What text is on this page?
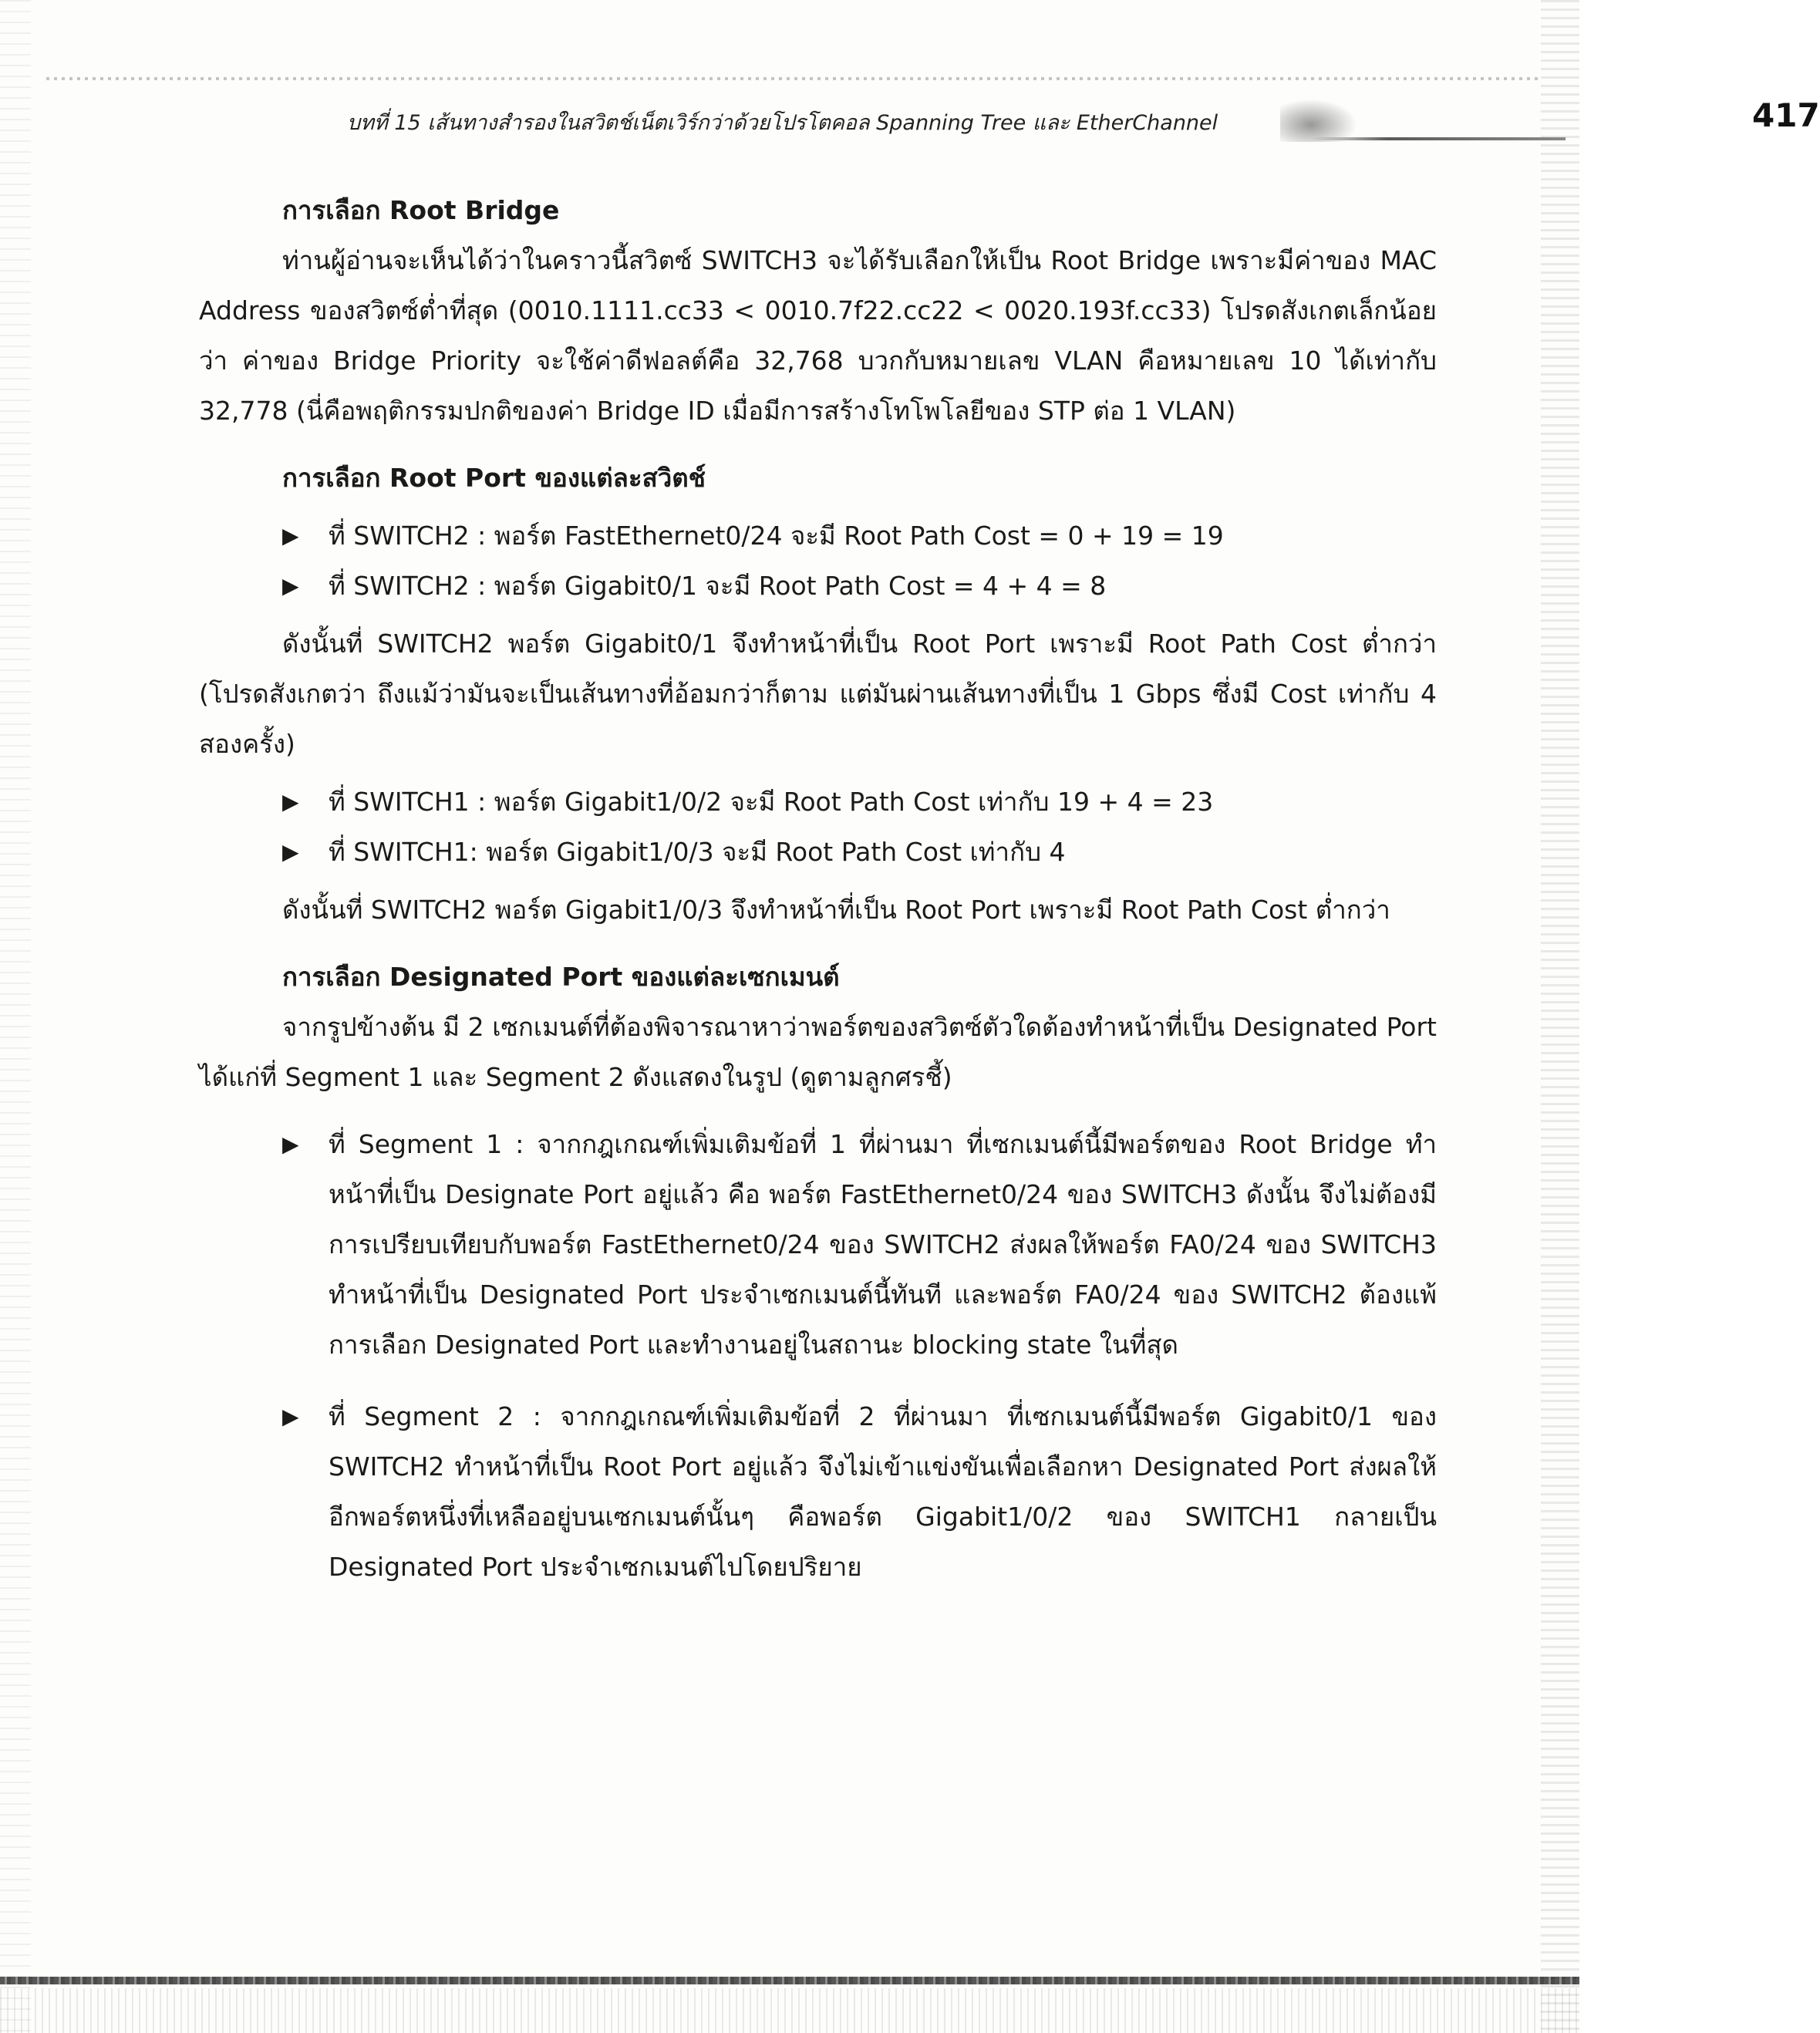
บทที่ 15 เส้นทางสำรองในสวิตช์เน็ตเวิร์กว่าด้วยโปรโตคอล Spanning Tree และ EtherChannel	417

การเลือก Root Bridge

ท่านผู้อ่านจะเห็นได้ว่าในคราวนี้สวิตซ์ SWITCH3 จะได้รับเลือกให้เป็น Root Bridge เพราะมีค่าของ MAC Address ของสวิตซ์ต่ำที่สุด (0010.1111.cc33 < 0010.7f22.cc22 < 0020.193f.cc33) โปรดสังเกตเล็กน้อยว่า ค่าของ Bridge Priority จะใช้ค่าดีฟอลต์คือ 32,768 บวกกับหมายเลข VLAN คือหมายเลข 10 ได้เท่ากับ 32,778 (นี่คือพฤติกรรมปกติของค่า Bridge ID เมื่อมีการสร้างโทโพโลยีของ STP ต่อ 1 VLAN)

การเลือก Root Port ของแต่ละสวิตช์

▶ ที่ SWITCH2 : พอร์ต FastEthernet0/24 จะมี Root Path Cost = 0 + 19 = 19
▶ ที่ SWITCH2 : พอร์ต Gigabit0/1 จะมี Root Path Cost = 4 + 4 = 8

ดังนั้นที่ SWITCH2 พอร์ต Gigabit0/1 จึงทำหน้าที่เป็น Root Port เพราะมี Root Path Cost ต่ำกว่า (โปรดสังเกตว่า ถึงแม้ว่ามันจะเป็นเส้นทางที่อ้อมกว่าก็ตาม แต่มันผ่านเส้นทางที่เป็น 1 Gbps ซึ่งมี Cost เท่ากับ 4 สองครั้ง)

▶ ที่ SWITCH1 : พอร์ต Gigabit1/0/2 จะมี Root Path Cost เท่ากับ 19 + 4 = 23
▶ ที่ SWITCH1: พอร์ต Gigabit1/0/3 จะมี Root Path Cost เท่ากับ 4

ดังนั้นที่ SWITCH2 พอร์ต Gigabit1/0/3 จึงทำหน้าที่เป็น Root Port เพราะมี Root Path Cost ต่ำกว่า

การเลือก Designated Port ของแต่ละเซกเมนต์

จากรูปข้างต้น มี 2 เซกเมนต์ที่ต้องพิจารณาหาว่าพอร์ตของสวิตซ์ตัวใดต้องทำหน้าที่เป็น Designated Port ได้แก่ที่ Segment 1 และ Segment 2 ดังแสดงในรูป (ดูตามลูกศรชี้)

▶ ที่ Segment 1 : จากกฎเกณฑ์เพิ่มเติมข้อที่ 1 ที่ผ่านมา ที่เซกเมนต์นี้มีพอร์ตของ Root Bridge ทำหน้าที่เป็น Designate Port อยู่แล้ว คือ พอร์ต FastEthernet0/24 ของ SWITCH3 ดังนั้น จึงไม่ต้องมีการเปรียบเทียบกับพอร์ต FastEthernet0/24 ของ SWITCH2 ส่งผลให้พอร์ต FA0/24 ของ SWITCH3 ทำหน้าที่เป็น Designated Port ประจำเซกเมนต์นี้ทันที และพอร์ต FA0/24 ของ SWITCH2 ต้องแพ้การเลือก Designated Port และทำงานอยู่ในสถานะ blocking state ในที่สุด
▶ ที่ Segment 2 : จากกฎเกณฑ์เพิ่มเติมข้อที่ 2 ที่ผ่านมา ที่เซกเมนต์นี้มีพอร์ต Gigabit0/1 ของ SWITCH2 ทำหน้าที่เป็น Root Port อยู่แล้ว จึงไม่เข้าแข่งขันเพื่อเลือกหา Designated Port ส่งผลให้อีกพอร์ตหนึ่งที่เหลืออยู่บนเซกเมนต์นั้นๆ คือพอร์ต Gigabit1/0/2 ของ SWITCH1 กลายเป็น Designated Port ประจำเซกเมนต์ไปโดยปริยาย
